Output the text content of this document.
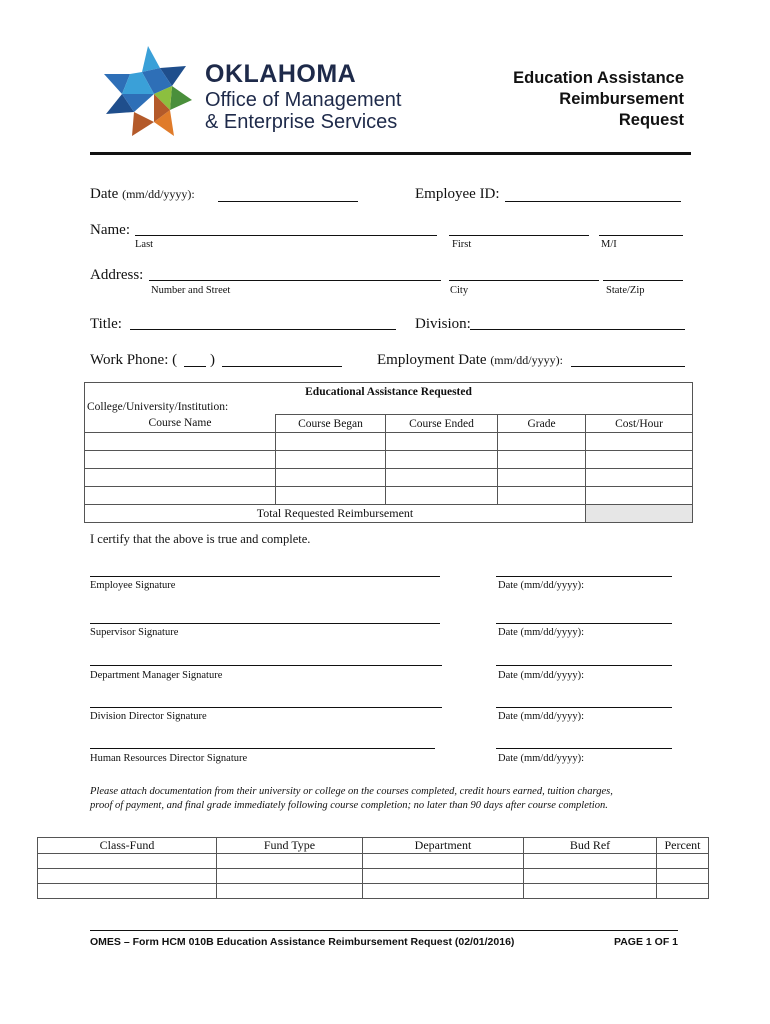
OKLAHOMA
Office of Management
& Enterprise Services
Education Assistance
Reimbursement
Request
Date (mm/dd/yyyy):	Employee ID:
Name:
Last	First	M/I
Address:
Number and Street	City	State/Zip
Title:	Division:
Work Phone: ( )	Employment Date (mm/dd/yyyy):
Educational Assistance Requested				
College/University/Institution:				
Course Name	Course Began	Course Ended	Grade	Cost/Hour

Total Requested Reimbursement				
I certify that the above is true and complete.
Employee Signature	Date (mm/dd/yyyy):
Supervisor Signature	Date (mm/dd/yyyy):
Department Manager Signature	Date (mm/dd/yyyy):
Division Director Signature	Date (mm/dd/yyyy):
Human Resources Director Signature	Date (mm/dd/yyyy):
Please attach documentation from their university or college on the courses completed, credit hours earned, tuition charges,
proof of payment, and final grade immediately following course completion; no later than 90 days after course completion.
Class-Fund	Fund Type	Department	Bud Ref	Percent

OMES – Form HCM 010B Education Assistance Reimbursement Request (02/01/2016)	PAGE 1 OF 1
